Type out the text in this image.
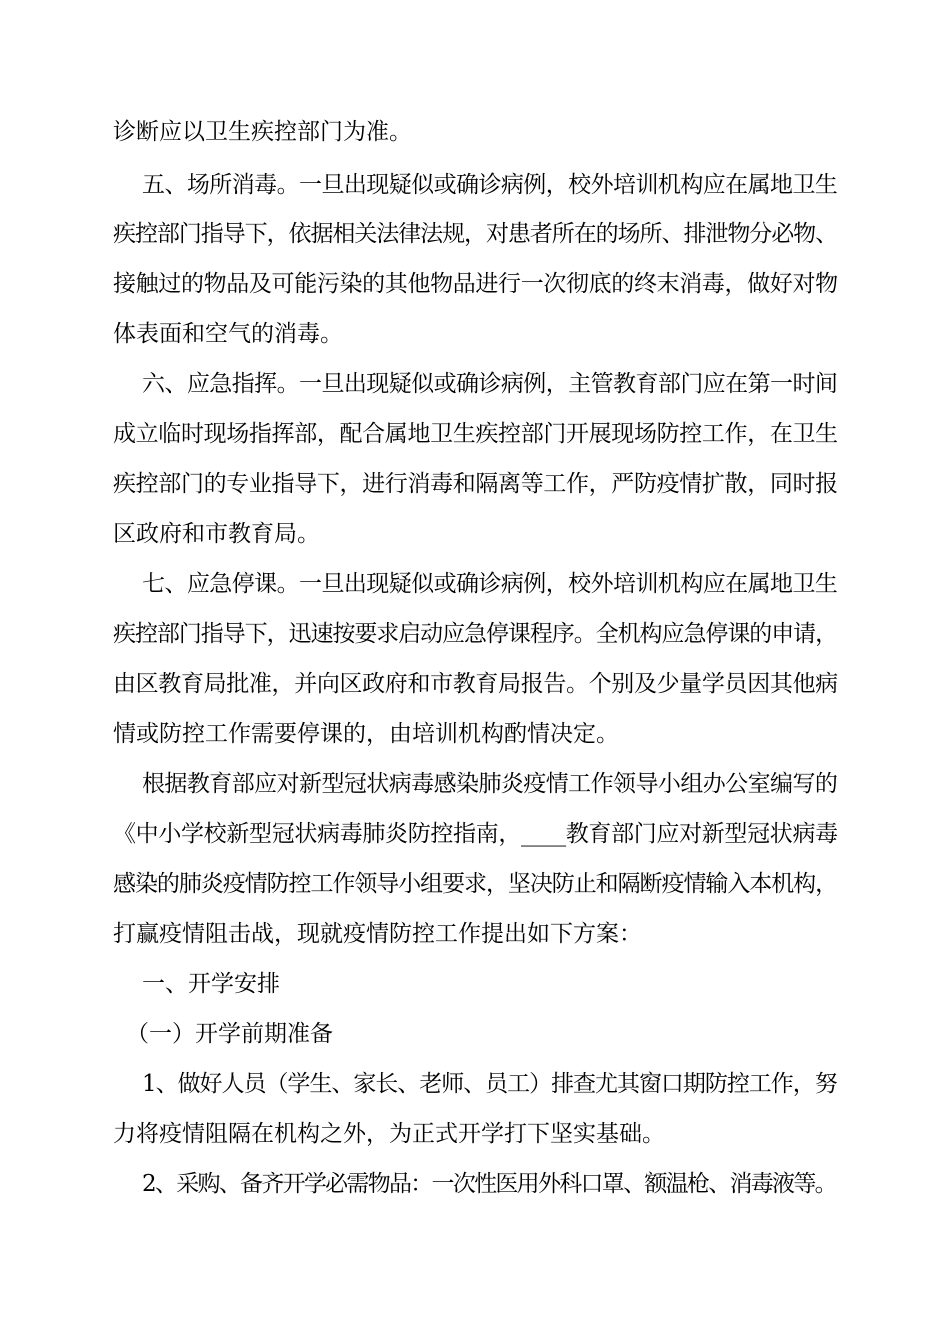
诊断应以卫生疾控部门为准。
五、场所消毒。一旦出现疑似或确诊病例，校外培训机构应在属地卫生
疾控部门指导下，依据相关法律法规，对患者所在的场所、排泄物分必物、
接触过的物品及可能污染的其他物品进行一次彻底的终末消毒，做好对物
体表面和空气的消毒。
六、应急指挥。一旦出现疑似或确诊病例，主管教育部门应在第一时间
成立临时现场指挥部，配合属地卫生疾控部门开展现场防控工作，在卫生
疾控部门的专业指导下，进行消毒和隔离等工作，严防疫情扩散，同时报
区政府和市教育局。
七、应急停课。一旦出现疑似或确诊病例，校外培训机构应在属地卫生
疾控部门指导下，迅速按要求启动应急停课程序。全机构应急停课的申请，
由区教育局批准，并向区政府和市教育局报告。个别及少量学员因其他病
情或防控工作需要停课的，由培训机构酌情决定。
根据教育部应对新型冠状病毒感染肺炎疫情工作领导小组办公室编写的
《中小学校新型冠状病毒肺炎防控指南，____教育部门应对新型冠状病毒
感染的肺炎疫情防控工作领导小组要求，坚决防止和隔断疫情输入本机构，
打赢疫情阻击战，现就疫情防控工作提出如下方案：
一、开学安排
（一）开学前期准备
1、做好人员（学生、家长、老师、员工）排查尤其窗口期防控工作，努
力将疫情阻隔在机构之外，为正式开学打下坚实基础。
2、采购、备齐开学必需物品：一次性医用外科口罩、额温枪、消毒液等。
